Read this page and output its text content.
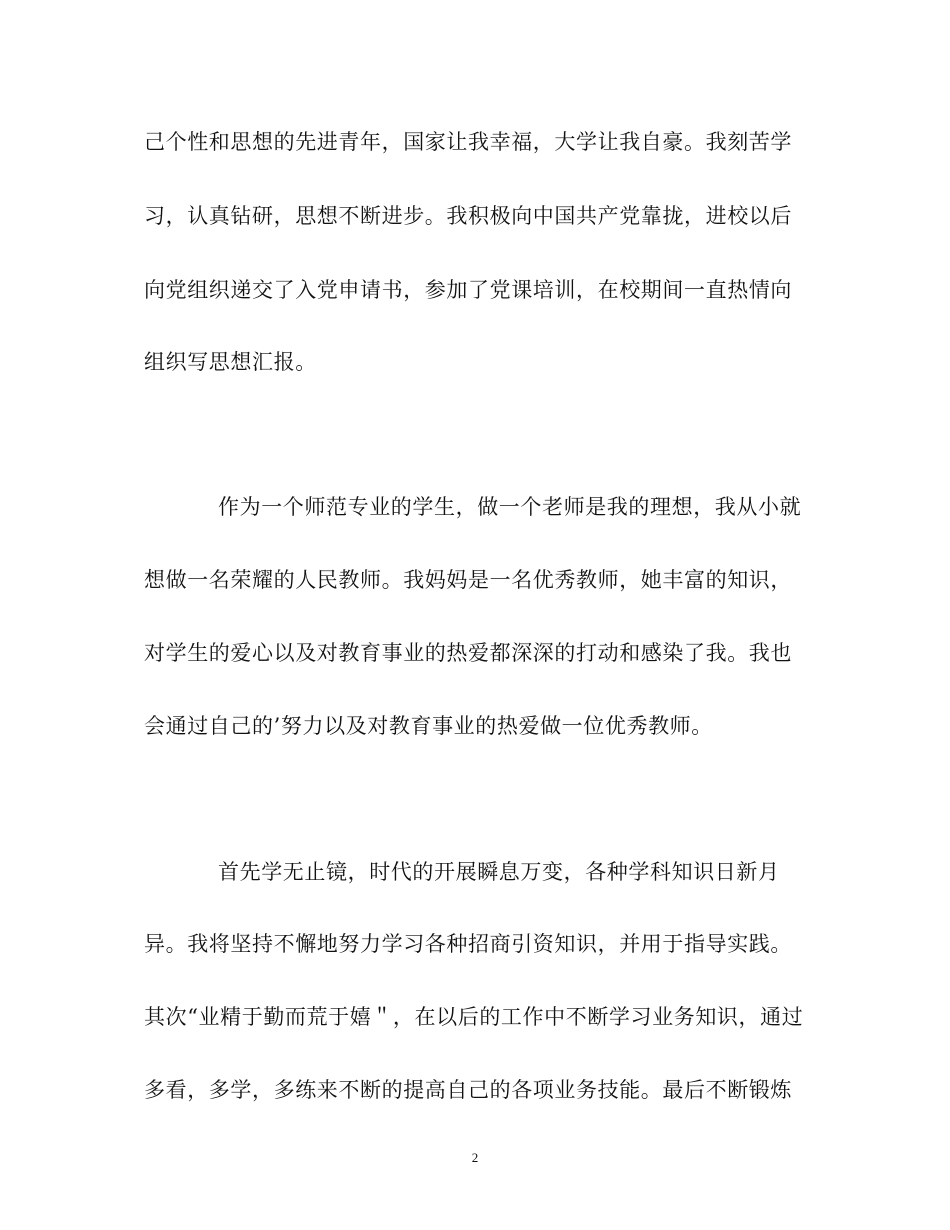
己个性和思想的先进青年，国家让我幸福，大学让我自豪。我刻苦学
习，认真钻研，思想不断进步。我积极向中国共产党靠拢，进校以后
向党组织递交了入党申请书，参加了党课培训，在校期间一直热情向
组织写思想汇报。
作为一个师范专业的学生，做一个老师是我的理想，我从小就
想做一名荣耀的人民教师。我妈妈是一名优秀教师，她丰富的知识，
对学生的爱心以及对教育事业的热爱都深深的打动和感染了我。我也
会通过自己的’努力以及对教育事业的热爱做一位优秀教师。
首先学无止镜，时代的开展瞬息万变，各种学科知识日新月
异。我将坚持不懈地努力学习各种招商引资知识，并用于指导实践。
其次“业精于勤而荒于嬉＂，在以后的工作中不断学习业务知识，通过
多看，多学，多练来不断的提高自己的各项业务技能。最后不断锻炼
2
